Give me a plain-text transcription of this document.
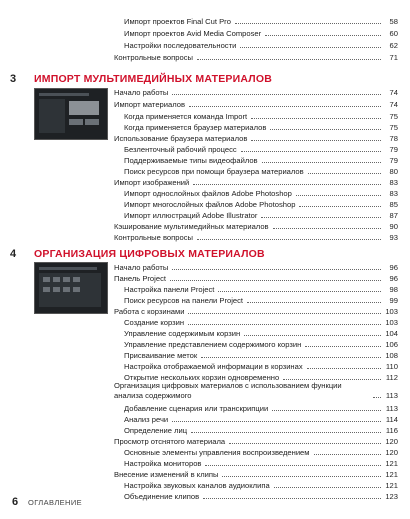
Импорт проектов Final Cut Pro	58
Импорт проектов Avid Media Composer	60
Настройки последовательности	62
Контрольные вопросы	71
3	ИМПОРТ МУЛЬТИМЕДИЙНЫХ МАТЕРИАЛОВ
Начало работы	74
Импорт материалов	74
Когда применяется команда Import	75
Когда применяется браузер материалов	75
Использование браузера материалов	78
Безленточный рабочий процесс	79
Поддерживаемые типы видеофайлов	79
Поиск ресурсов при помощи браузера материалов	80
Импорт изображений	83
Импорт однослойных файлов Adobe Photoshop	83
Импорт многослойных файлов Adobe Photoshop	85
Импорт иллюстраций Adobe Illustrator	87
Кэширование мультимедийных материалов	90
Контрольные вопросы	93
4	ОРГАНИЗАЦИЯ ЦИФРОВЫХ МАТЕРИАЛОВ
Начало работы	96
Панель Project	96
Настройка панели Project	98
Поиск ресурсов на панели Project	99
Работа с корзинами	103
Создание корзин	103
Управление содержимым корзин	104
Управление представлением содержимого корзин	106
Присваивание меток	108
Настройка отображаемой информации в корзинах	110
Открытие нескольких корзин одновременно	112
Организация цифровых материалов с использованием функции анализа содержимого	113
Добавление сценария или транскрипции	113
Анализ речи	114
Определение лиц	116
Просмотр отснятого материала	120
Основные элементы управления воспроизведением	120
Настройка мониторов	121
Внесение изменений в клипы	121
Настройка звуковых каналов аудиоклипа	121
Объединение клипов	123
6 ОГЛАВЛЕНИЕ
